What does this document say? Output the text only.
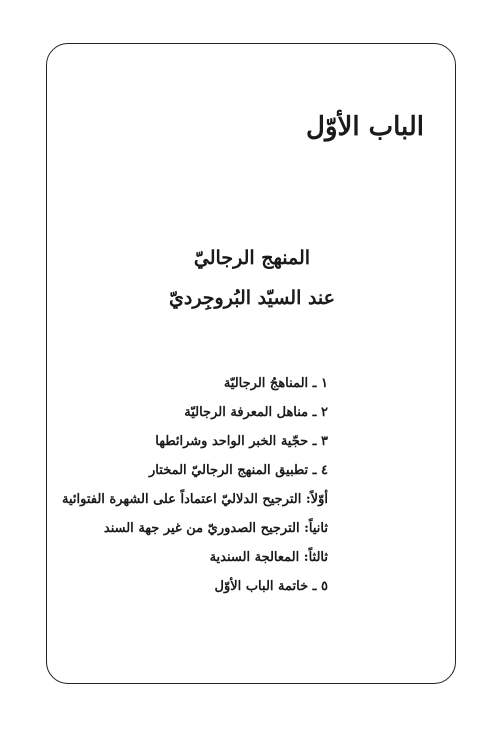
الباب الأوّل
المنهج الرجاليّ
عند السيّد البُروجِرديّ
١ ـ المناهجُ الرجاليّة
٢ ـ مناهل المعرفة الرجاليّة
٣ ـ حجّية الخبر الواحد وشرائطها
٤ ـ تطبيق المنهج الرجاليّ المختار
أوّلاً: الترجيح الدلاليّ اعتماداً على الشهرة الفتوائية
ثانياً: الترجيح الصدوريّ من غير جهة السند
ثالثاً: المعالجة السندية
٥ ـ خاتمة الباب الأوّل
